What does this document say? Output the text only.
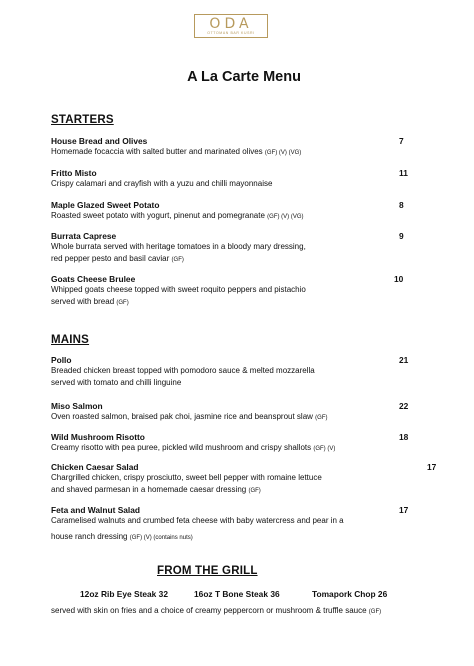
ODA
OTTOMAN BAR KUSRI
A La Carte Menu
STARTERS
House Bread and Olives	7
Homemade focaccia with salted butter and marinated olives (GF) (V) (VG)
Fritto Misto	11
Crispy calamari and crayfish with a yuzu and chilli mayonnaise
Maple Glazed Sweet Potato	8
Roasted sweet potato with yogurt, pinenut and pomegranate (GF) (V) (VG)
Burrata Caprese	9
Whole burrata served with heritage tomatoes in a bloody mary dressing,
red pepper pesto and basil caviar (GF)
Goats Cheese Brulee	10
Whipped goats cheese topped with sweet roquito peppers and pistachio
served with bread (GF)
MAINS
Pollo	21
Breaded chicken breast topped with pomodoro sauce & melted mozzarella
served with tomato and chilli linguine
Miso Salmon	22
Oven roasted salmon, braised pak choi, jasmine rice and beansprout slaw (GF)
Wild Mushroom Risotto	18
Creamy risotto with pea puree, pickled wild mushroom and crispy shallots (GF) (V)
Chicken Caesar Salad	17
Chargrilled chicken, crispy prosciutto, sweet bell pepper with romaine lettuce
and shaved parmesan in a homemade caesar dressing (GF)
Feta and Walnut Salad	17
Caramelised walnuts and crumbed feta cheese with baby watercress and pear in a
house ranch dressing (GF) (V) (contains nuts)
FROM THE GRILL
12oz Rib Eye Steak 32	16oz T Bone Steak 36	Tomapork Chop 26
served with skin on fries and a choice of creamy peppercorn or mushroom & truffle sauce (GF)
